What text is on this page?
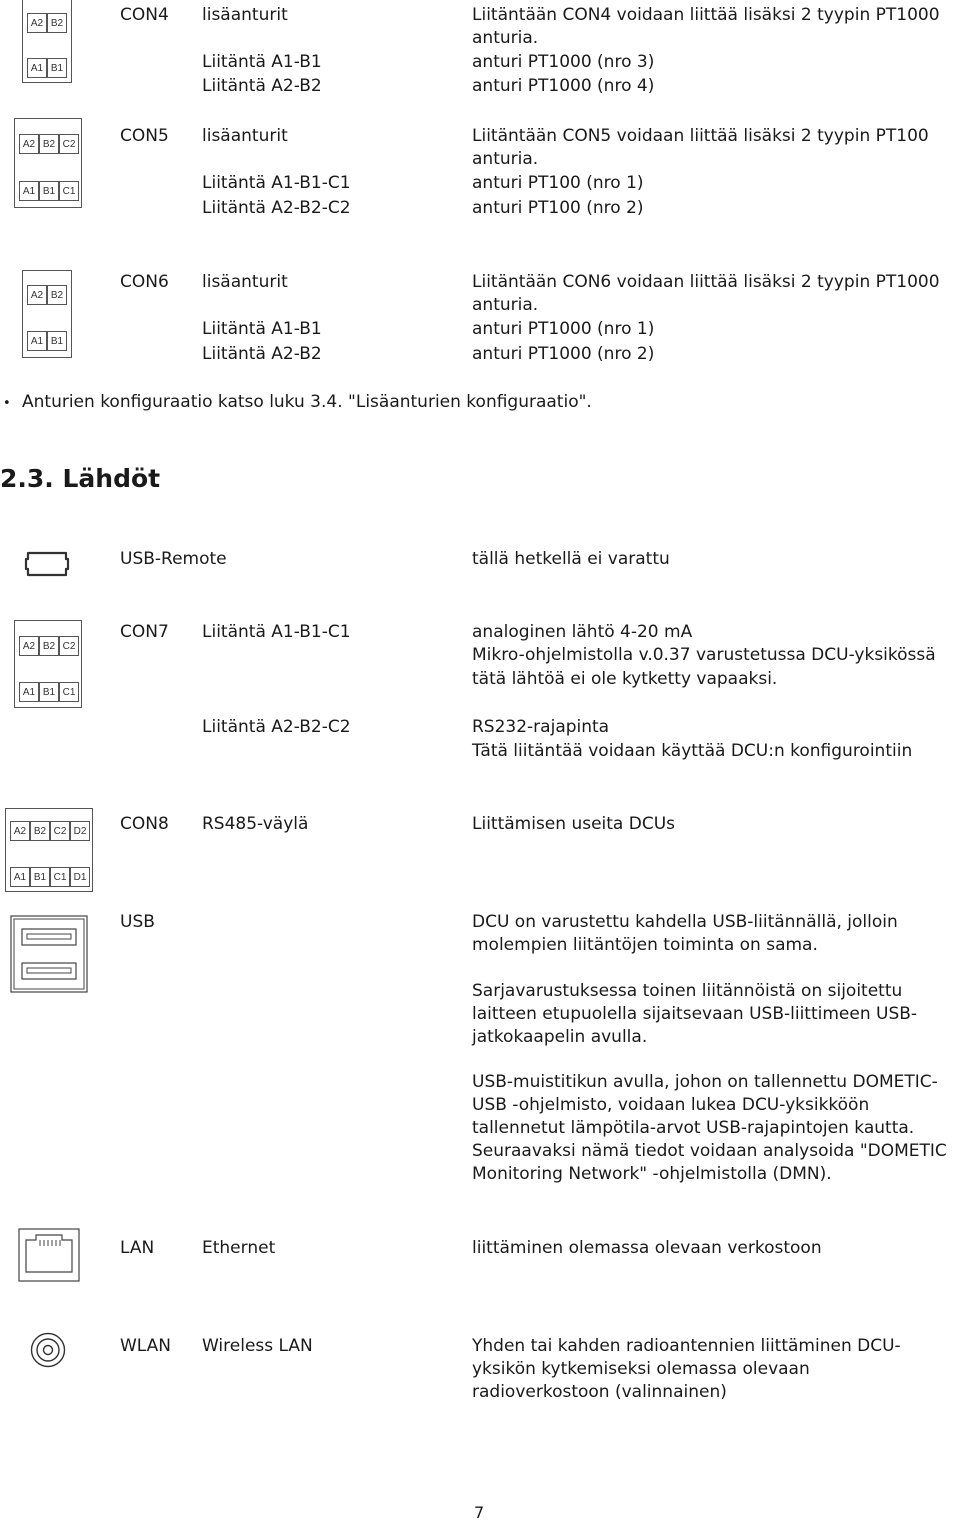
A2 B2
A1 B1
CON4 lisäanturit	Liitäntään CON4 voidaan liittää lisäksi 2 tyypin PT1000
anturia.
Liitäntä A1-B1	anturi PT1000 (nro 3)
Liitäntä A2-B2	anturi PT1000 (nro 4)
A2 B2 C2
A1 B1 C1
CON5 lisäanturit	Liitäntään CON5 voidaan liittää lisäksi 2 tyypin PT100
anturia.
Liitäntä A1-B1-C1	anturi PT100 (nro 1)
Liitäntä A2-B2-C2	anturi PT100 (nro 2)
A2 B2
A1 B1
CON6 lisäanturit	Liitäntään CON6 voidaan liittää lisäksi 2 tyypin PT1000
anturia.
Liitäntä A1-B1	anturi PT1000 (nro 1)
Liitäntä A2-B2	anturi PT1000 (nro 2)
• Anturien konfiguraatio katso luku 3.4. "Lisäanturien konfiguraatio".
2.3. Lähdöt
USB-Remote	tällä hetkellä ei varattu
A2 B2 C2
A1 B1 C1
CON7 Liitäntä A1-B1-C1	analoginen lähtö 4-20 mA
Mikro-ohjelmistolla v.0.37 varustetussa DCU-yksikössä
tätä lähtöä ei ole kytketty vapaaksi.
Liitäntä A2-B2-C2	RS232-rajapinta
Tätä liitäntää voidaan käyttää DCU:n konfigurointiin
A2 B2 C2 D2
A1 B1 C1 D1
CON8 RS485-väylä	Liittämisen useita DCUs
USB	DCU on varustettu kahdella USB-liitännällä, jolloin
molempien liitäntöjen toiminta on sama.
Sarjavarustuksessa toinen liitännöistä on sijoitettu
laitteen etupuolella sijaitsevaan USB-liittimeen USB-
jatkokaapelin avulla.
USB-muistitikun avulla, johon on tallennettu DOMETIC-
USB -ohjelmisto, voidaan lukea DCU-yksikköön
tallennetut lämpötila-arvot USB-rajapintojen kautta.
Seuraavaksi nämä tiedot voidaan analysoida "DOMETIC
Monitoring Network" -ohjelmistolla (DMN).
LAN	Ethernet	liittäminen olemassa olevaan verkostoon
WLAN Wireless LAN	Yhden tai kahden radioantennien liittäminen DCU-
yksikön kytkemiseksi olemassa olevaan
radioverkostoon (valinnainen)
7
